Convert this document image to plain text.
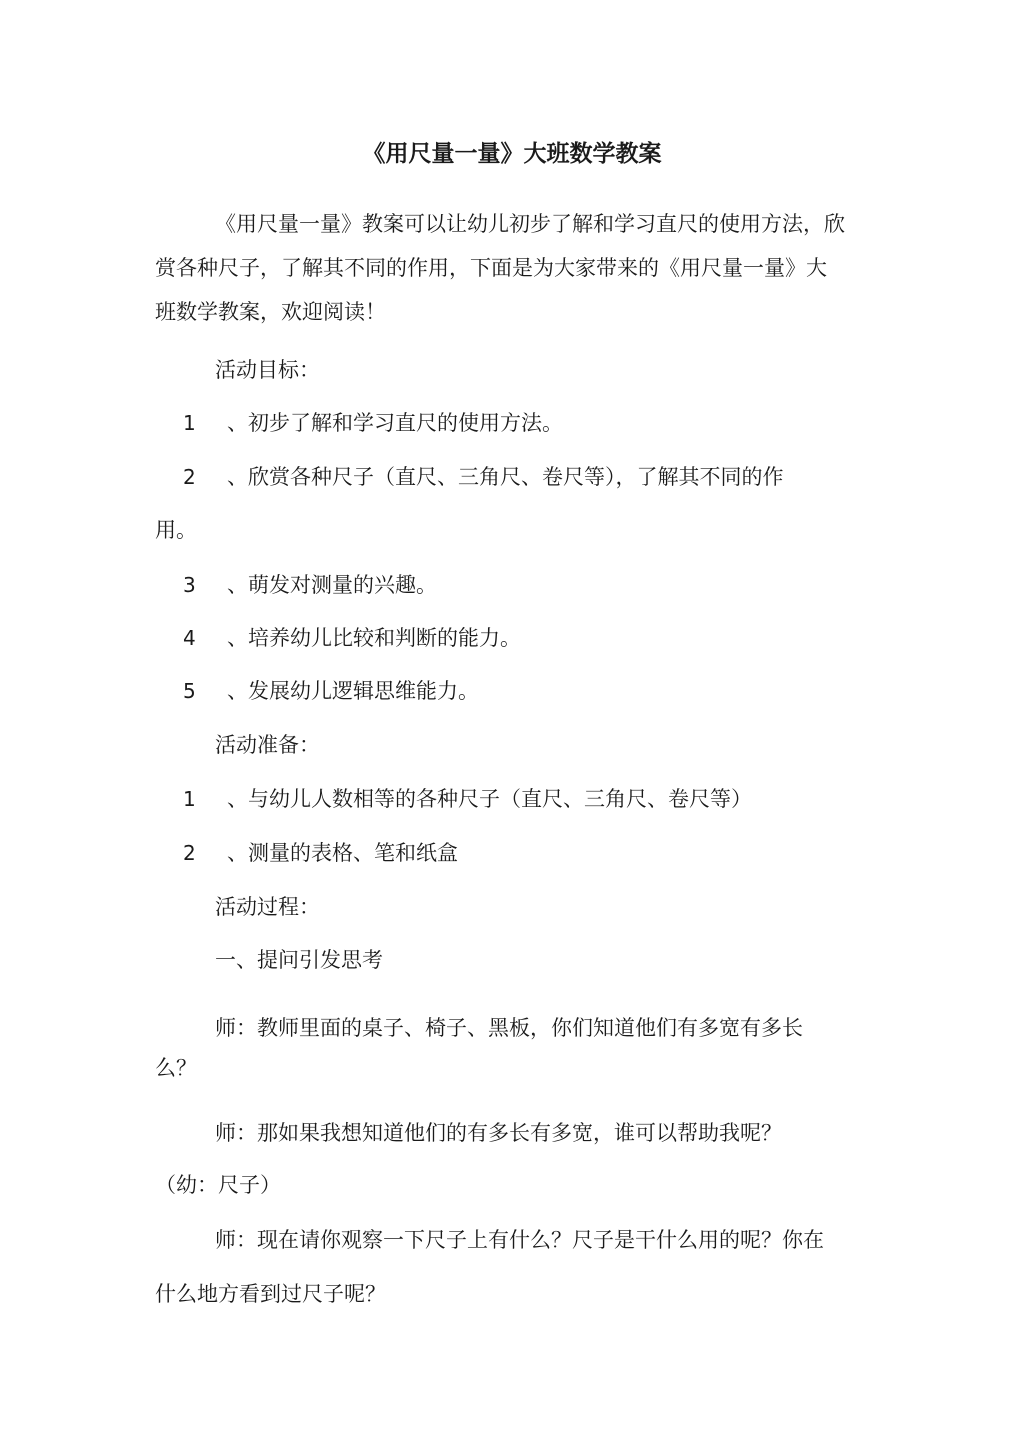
《用尺量一量》大班数学教案

《用尺量一量》教案可以让幼儿初步了解和学习直尺的使用方法，欣赏各种尺子，了解其不同的作用，下面是为大家带来的《用尺量一量》大班数学教案，欢迎阅读！

活动目标：

1 、初步了解和学习直尺的使用方法。

2 、欣赏各种尺子（直尺、三角尺、卷尺等），了解其不同的作

用。

3 、萌发对测量的兴趣。

4 、培养幼儿比较和判断的能力。

5 、发展幼儿逻辑思维能力。

活动准备：

1 、与幼儿人数相等的各种尺子（直尺、三角尺、卷尺等）

2 、测量的表格、笔和纸盒

活动过程：

一、提问引发思考

师：教师里面的桌子、椅子、黑板，你们知道他们有多宽有多长么？

师：那如果我想知道他们的有多长有多宽，谁可以帮助我呢？（幼：尺子）

师：现在请你观察一下尺子上有什么？尺子是干什么用的呢？你在什么地方看到过尺子呢？
